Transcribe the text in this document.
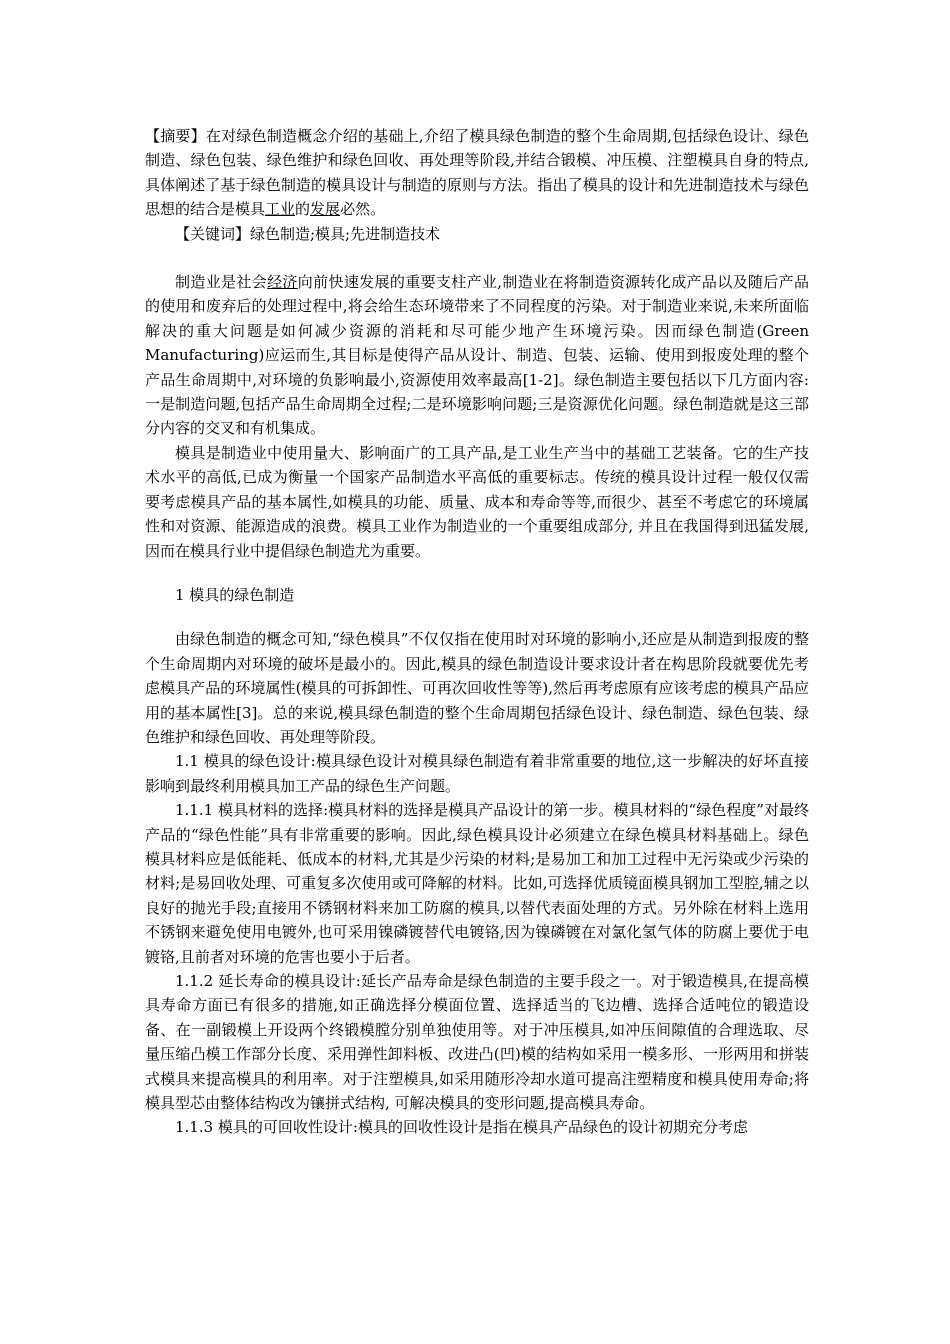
【摘要】在对绿色制造概念介绍的基础上,介绍了模具绿色制造的整个生命周期,包括绿色设计、绿色制造、绿色包装、绿色维护和绿色回收、再处理等阶段,并结合锻模、冲压模、注塑模具自身的特点,具体阐述了基于绿色制造的模具设计与制造的原则与方法。指出了模具的设计和先进制造技术与绿色思想的结合是模具工业的发展必然。

【关键词】绿色制造;模具;先进制造技术

制造业是社会经济向前快速发展的重要支柱产业,制造业在将制造资源转化成产品以及随后产品的使用和废弃后的处理过程中,将会给生态环境带来了不同程度的污染。对于制造业来说,未来所面临解决的重大问题是如何减少资源的消耗和尽可能少地产生环境污染。因而绿色制造(Green Manufacturing)应运而生,其目标是使得产品从设计、制造、包装、运输、使用到报废处理的整个产品生命周期中,对环境的负影响最小,资源使用效率最高[1-2]。绿色制造主要包括以下几方面内容:一是制造问题,包括产品生命周期全过程;二是环境影响问题;三是资源优化问题。绿色制造就是这三部分内容的交叉和有机集成。

模具是制造业中使用量大、影响面广的工具产品,是工业生产当中的基础工艺装备。它的生产技术水平的高低,已成为衡量一个国家产品制造水平高低的重要标志。传统的模具设计过程一般仅仅需要考虑模具产品的基本属性,如模具的功能、质量、成本和寿命等等,而很少、甚至不考虑它的环境属性和对资源、能源造成的浪费。模具工业作为制造业的一个重要组成部分, 并且在我国得到迅猛发展, 因而在模具行业中提倡绿色制造尤为重要。

1 模具的绿色制造

由绿色制造的概念可知,“绿色模具”不仅仅指在使用时对环境的影响小,还应是从制造到报废的整个生命周期内对环境的破坏是最小的。因此,模具的绿色制造设计要求设计者在构思阶段就要优先考虑模具产品的环境属性(模具的可拆卸性、可再次回收性等等),然后再考虑原有应该考虑的模具产品应用的基本属性[3]。总的来说,模具绿色制造的整个生命周期包括绿色设计、绿色制造、绿色包装、绿色维护和绿色回收、再处理等阶段。

1.1 模具的绿色设计:模具绿色设计对模具绿色制造有着非常重要的地位,这一步解决的好坏直接影响到最终利用模具加工产品的绿色生产问题。

1.1.1 模具材料的选择:模具材料的选择是模具产品设计的第一步。模具材料的“绿色程度”对最终产品的“绿色性能”具有非常重要的影响。因此,绿色模具设计必须建立在绿色模具材料基础上。绿色模具材料应是低能耗、低成本的材料,尤其是少污染的材料;是易加工和加工过程中无污染或少污染的材料;是易回收处理、可重复多次使用或可降解的材料。比如,可选择优质镜面模具钢加工型腔,辅之以良好的抛光手段;直接用不锈钢材料来加工防腐的模具,以替代表面处理的方式。另外除在材料上选用不锈钢来避免使用电镀外,也可采用镍磷镀替代电镀铬,因为镍磷镀在对氯化氢气体的防腐上要优于电镀铬,且前者对环境的危害也要小于后者。

1.1.2 延长寿命的模具设计:延长产品寿命是绿色制造的主要手段之一。对于锻造模具,在提高模具寿命方面已有很多的措施,如正确选择分模面位置、选择适当的飞边槽、选择合适吨位的锻造设备、在一副锻模上开设两个终锻模膛分别单独使用等。对于冲压模具,如冲压间隙值的合理选取、尽量压缩凸模工作部分长度、采用弹性卸料板、改进凸(凹)模的结构如采用一模多形、一形两用和拼装式模具来提高模具的利用率。对于注塑模具,如采用随形冷却水道可提高注塑精度和模具使用寿命;将模具型芯由整体结构改为镶拼式结构, 可解决模具的变形问题,提高模具寿命。

1.1.3 模具的可回收性设计:模具的回收性设计是指在模具产品绿色的设计初期充分考虑
